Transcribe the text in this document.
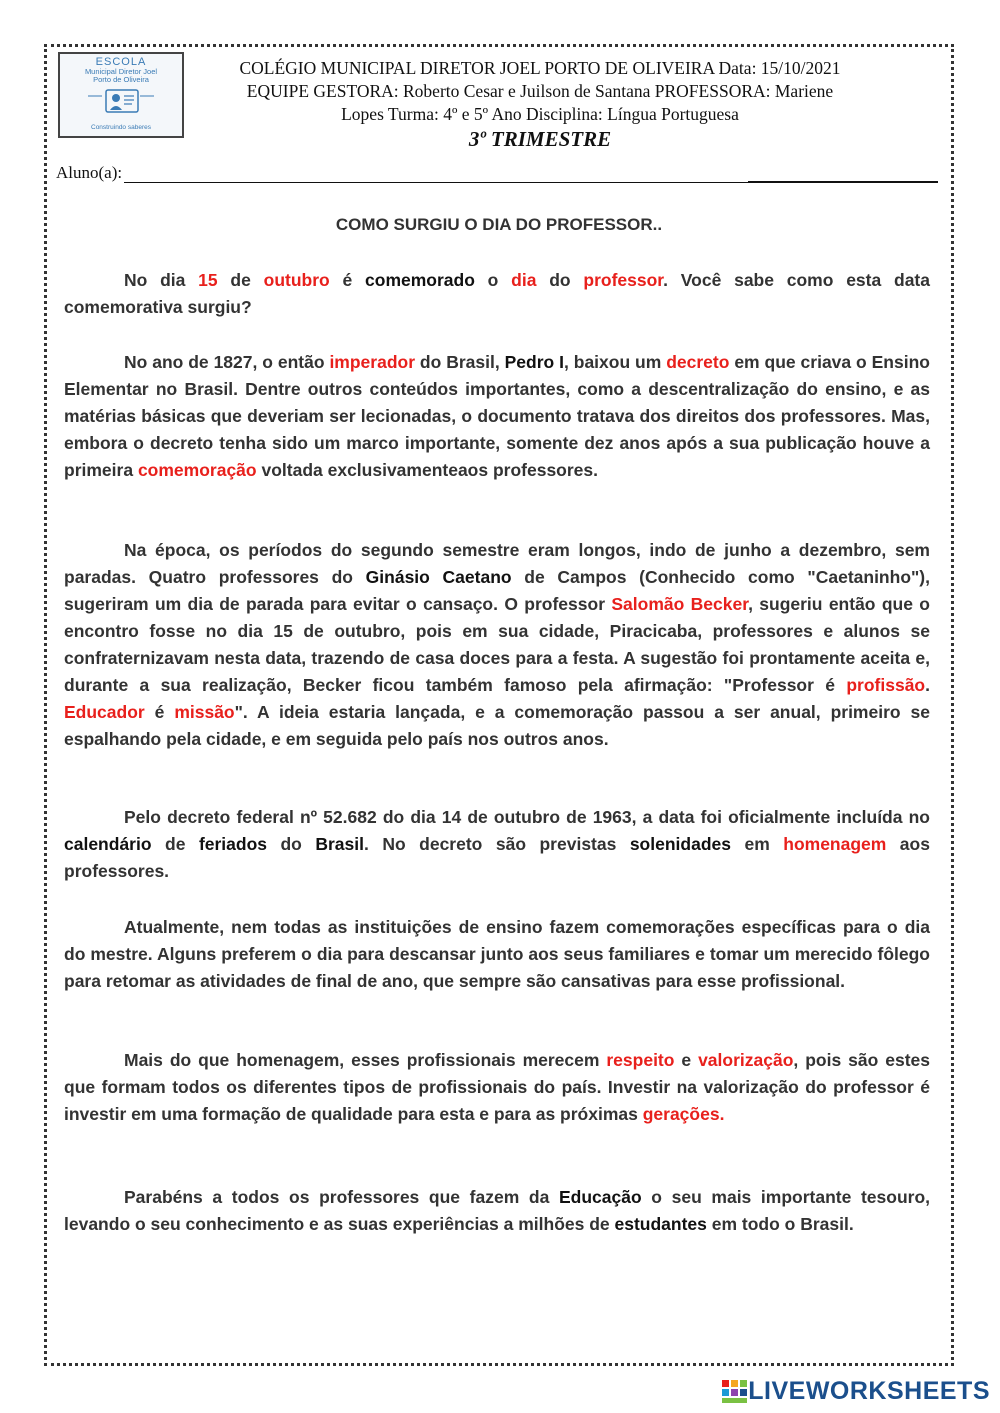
ESCOLA
Municipal Diretor Joel
Porto de Oliveira
Construindo saberes
COLÉGIO MUNICIPAL DIRETOR JOEL PORTO DE OLIVEIRA Data: 15/10/2021
EQUIPE GESTORA: Roberto Cesar e Juilson de Santana PROFESSORA: Mariene
Lopes Turma: 4º e 5º Ano Disciplina: Língua Portuguesa
3º TRIMESTRE
Aluno(a):
COMO SURGIU O DIA DO PROFESSOR..

No dia 15 de outubro é comemorado o dia do professor. Você sabe como esta data comemorativa surgiu?

No ano de 1827, o então imperador do Brasil, Pedro I, baixou um decreto em que criava o Ensino Elementar no Brasil. Dentre outros conteúdos importantes, como a descentralização do ensino, e as matérias básicas que deveriam ser lecionadas, o documento tratava dos direitos dos professores. Mas, embora o decreto tenha sido um marco importante, somente dez anos após a sua publicação houve a primeira comemoração voltada exclusivamenteaos professores.

Na época, os períodos do segundo semestre eram longos, indo de junho a dezembro, sem paradas. Quatro professores do Ginásio Caetano de Campos (Conhecido como "Caetaninho"), sugeriram um dia de parada para evitar o cansaço. O professor Salomão Becker, sugeriu então que o encontro fosse no dia 15 de outubro, pois em sua cidade, Piracicaba, professores e alunos se confraternizavam nesta data, trazendo de casa doces para a festa. A sugestão foi prontamente aceita e, durante a sua realização, Becker ficou também famoso pela afirmação: "Professor é profissão. Educador é missão". A ideia estaria lançada, e a comemoração passou a ser anual, primeiro se espalhando pela cidade, e em seguida pelo país nos outros anos.

Pelo decreto federal nº 52.682 do dia 14 de outubro de 1963, a data foi oficialmente incluída no calendário de feriados do Brasil. No decreto são previstas solenidades em homenagem aos professores.

Atualmente, nem todas as instituições de ensino fazem comemorações específicas para o dia do mestre. Alguns preferem o dia para descansar junto aos seus familiares e tomar um merecido fôlego para retomar as atividades de final de ano, que sempre são cansativas para esse profissional.

Mais do que homenagem, esses profissionais merecem respeito e valorização, pois são estes que formam todos os diferentes tipos de profissionais do país. Investir na valorização do professor é investir em uma formação de qualidade para esta e para as próximas gerações.

Parabéns a todos os professores que fazem da Educação o seu mais importante tesouro, levando o seu conhecimento e as suas experiências a milhões de estudantes em todo o Brasil.

LIVEWORKSHEETS
